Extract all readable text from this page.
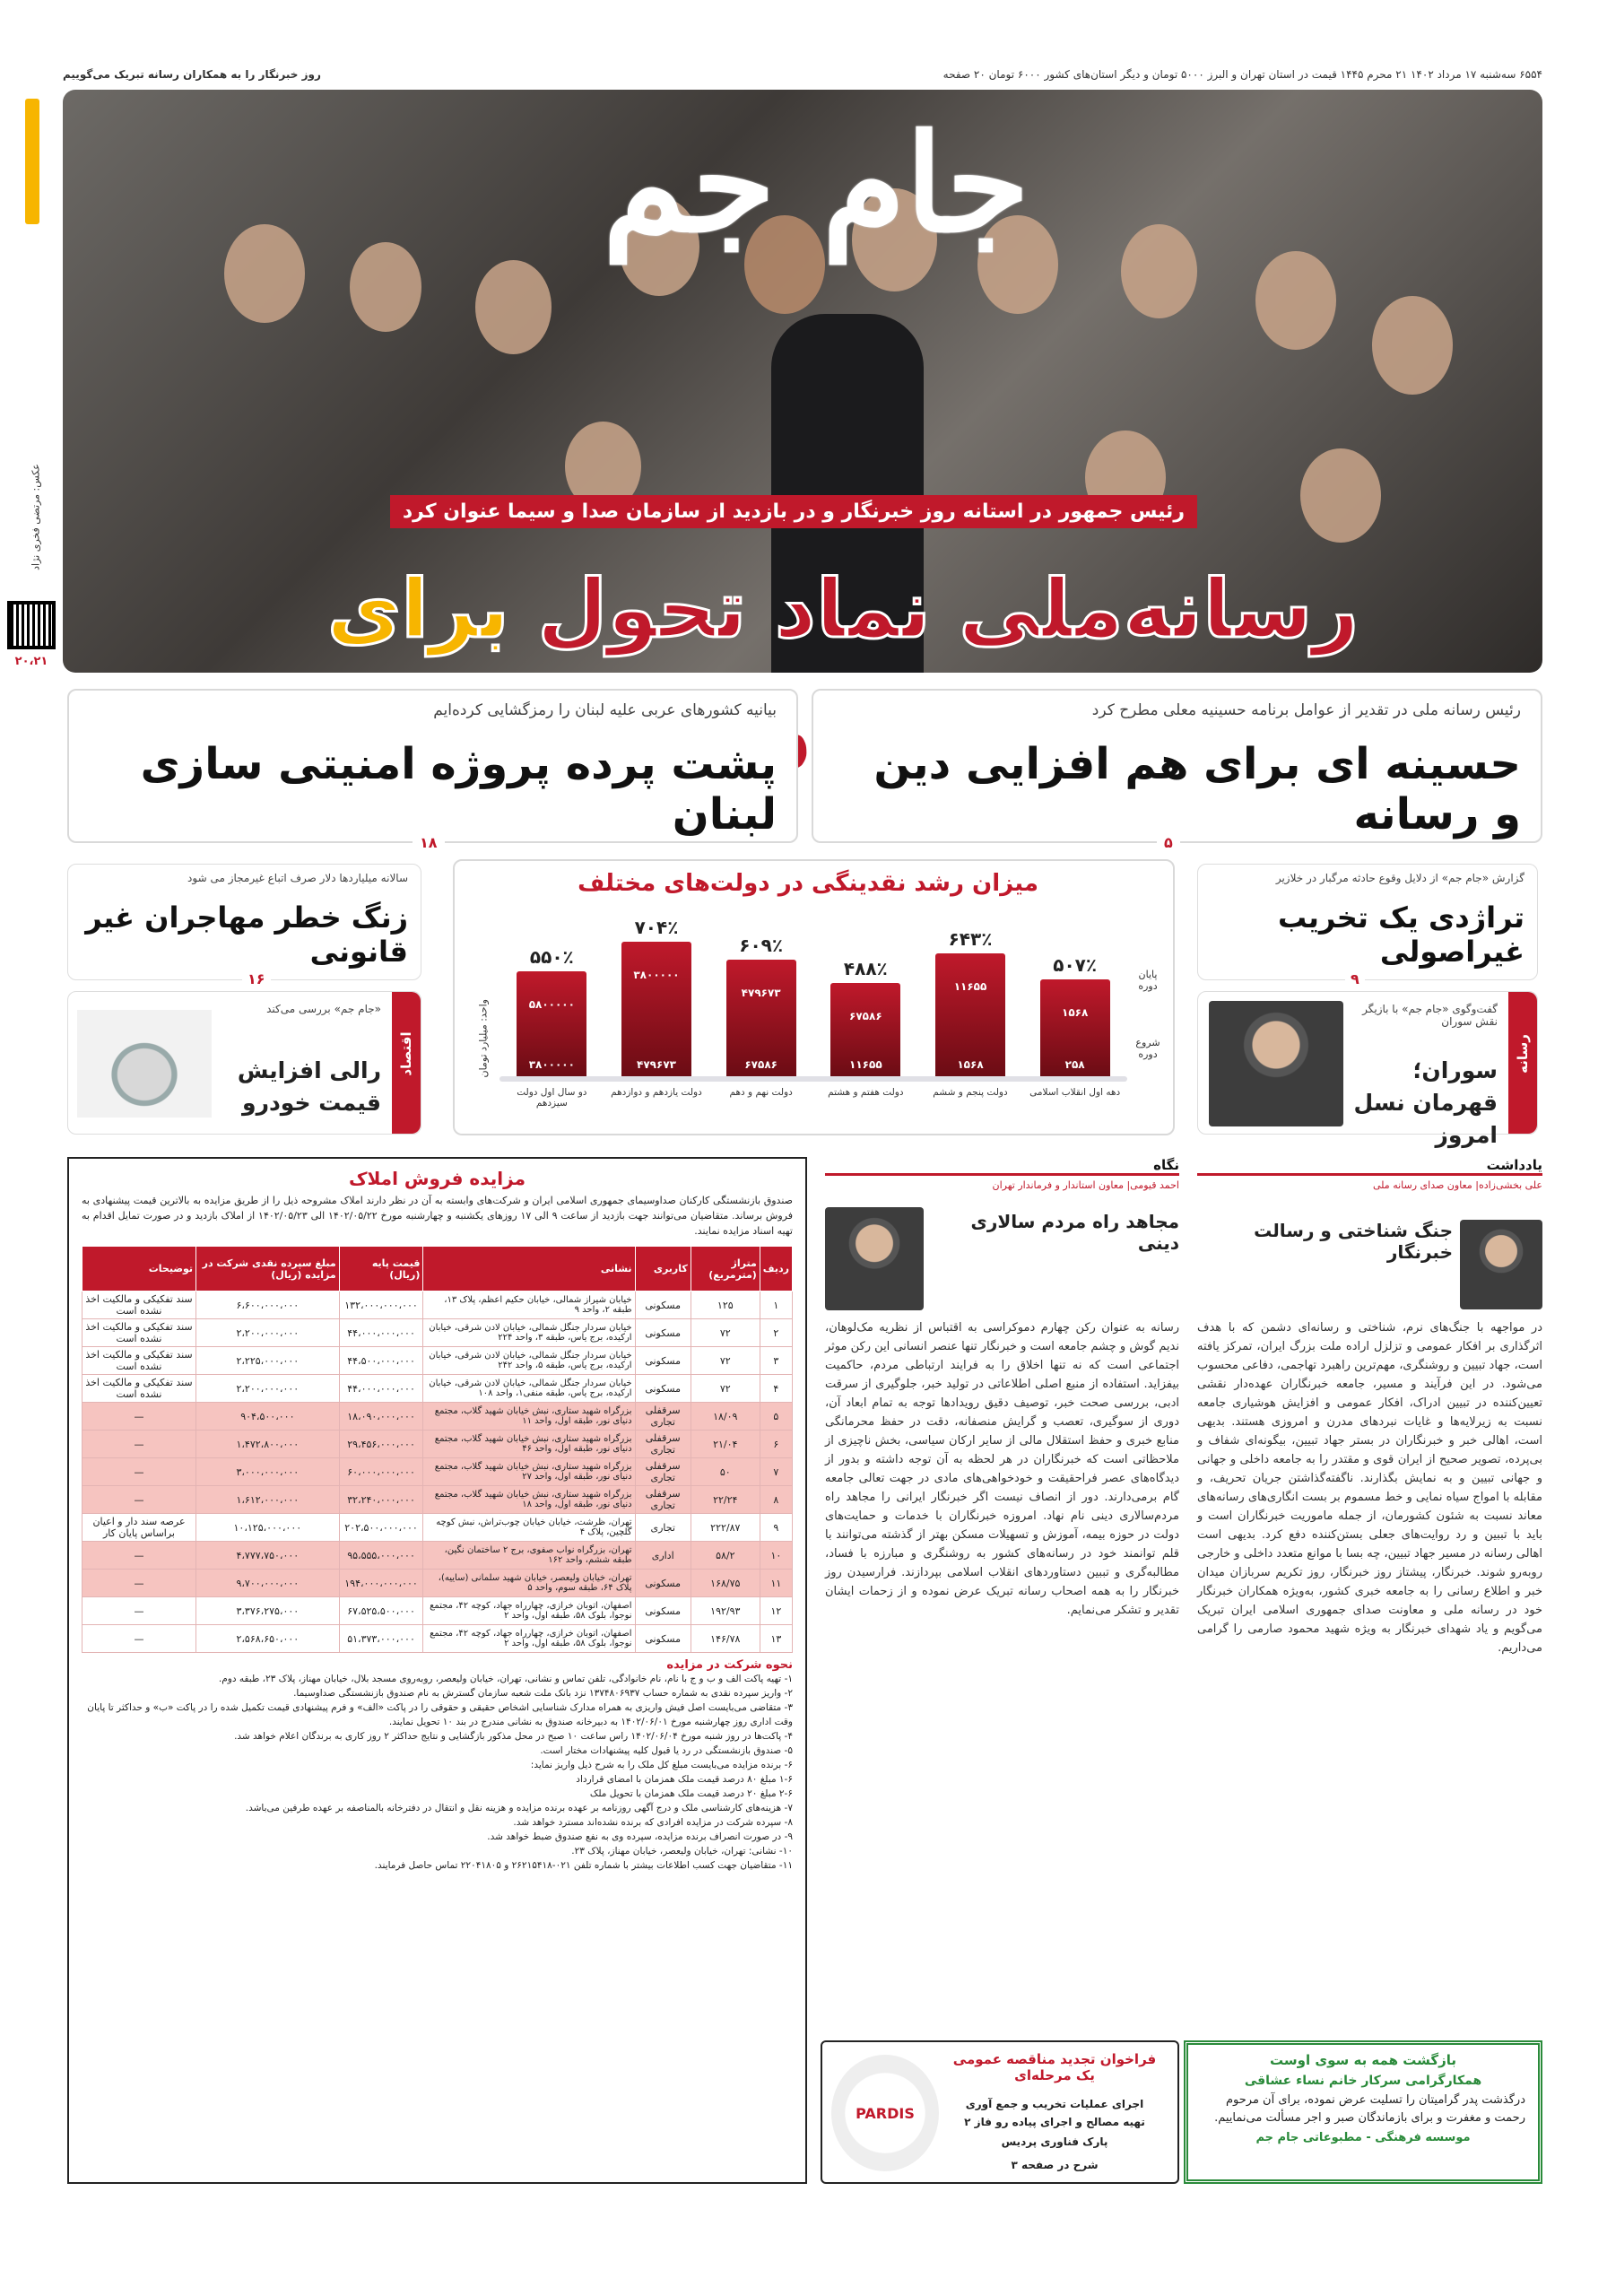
۶۵۵۴ سه‌شنبه ۱۷ مرداد ۱۴۰۲ ۲۱ محرم ۱۴۴۵ قیمت در استان تهران و البرز ۵۰۰۰ تومان و دیگر استان‌های کشور ۶۰۰۰ تومان ۲۰ صفحه
روز خبرنگار را به همکاران رسانه تبریک می‌گوییم
عکس: مرتضی فخری نژاد
۲۰،۲۱
جام جم
رئیس جمهور در استانه روز خبرنگار و در بازدید از سازمان صدا و سیما عنوان کرد
رسانه‌ملی نماد تحول برای
رئیس رسانه ملی در تقدیر از عوامل برنامه حسینیه معلی مطرح کرد
حسینه ای برای هم افزایی دین و رسانه
۵
بیانیه کشورهای عربی علیه لبنان را رمزگشایی کرده‌ایم
پشت پرده پروژه امنیتی سازی لبنان
۱۸
گزارش «جام جم» از دلایل وقوع حادثه مرگبار در خلازیر
تراژدی یک تخریب غیراصولی
۹
سالانه میلیاردها دلار صرف اتباع غیرمجاز می‌ شود
زنگ خطر مهاجران غیر قانونی
۱۶
میزان رشد نقدینگی در دولت‌های مختلف
واحد: میلیارد تومان
پایان دوره
شروع دوره
۱۵۶۸
۲۵۸
۵۰۷٪
۱۱۶۵۵
۱۵۶۸
۶۴۳٪
۶۷۵۸۶
۱۱۶۵۵
۴۸۸٪
۴۷۹۶۷۳
۶۷۵۸۶
۶۰۹٪
۳۸۰۰۰۰۰
۴۷۹۶۷۳
۷۰۴٪
۵۸۰۰۰۰۰
۳۸۰۰۰۰۰
۵۵۰٪
دهه اول انقلاب اسلامی
دولت پنجم و ششم
دولت هفتم و هشتم
دولت نهم و دهم
دولت یازدهم و دوازدهم
دو سال اول دولت سیزدهم
رسانه
گفت‌وگوی «جام جم» با بازیگر نقش سوران
سوران؛ قهرمان نسل امروز
اقتصاد
«جام جم» بررسی می‌کند
رالی افزایش قیمت خودرو
یادداشت
علی بخشی‌زاده| معاون صدای رسانه ملی
جنگ شناختی و رسالت خبرنگار
در مواجهه با جنگ‌های نرم، شناختی و رسانه‌ای دشمن که با هدف اثرگذاری بر افکار عمومی و تزلزل اراده ملت بزرگ ایران، تمرکز یافته است، جهاد تبیین و روشنگری، مهم‌ترین راهبرد تهاجمی، دفاعی محسوب می‌شود. در این فرآیند و مسیر، جامعه خبرنگاران عهده‌دار نقشی تعیین‌کننده در تبیین ادراک، افکار عمومی و افزایش هوشیاری جامعه نسبت به زیرلایه‌ها و غایات نبردهای مدرن و امروزی هستند. بدیهی است، اهالی خبر و خبرنگاران در بستر جهاد تبیین، بیگونه‌ای شفاف و بی‌پرده، تصویر صحیح از ایران قوی و مقتدر را به جامعه داخلی و جهانی و جهانی تبیین و به نمایش بگذارند. ناگفته‌گذاشتن جریان تحریف، و مقابله با امواج سیاه نمایی و خط مسموم بر بست انگاری‌های رسانه‌های معاند نسبت به شئون کشورمان، از جمله ماموریت خبرنگاران است و باید با تببین و رد روایت‌های جعلی بستن‌کننده دفع کرد. بدیهی است اهالی رسانه در مسیر جهاد تبیین، چه بسا با موانع متعدد داخلی و خارجی روبه‌رو شوند. خبرنگار، پیشتاز روز خبرنگار، روز تکریم سربازان میدان خبر و اطلاع رسانی را به جامعه خبری کشور، به‌ویژه همکاران خبرنگار خود در رسانه ملی و معاونت صدای جمهوری اسلامی ایران تبریک می‌گویم و یاد شهدای خبرنگار به ویژه شهید محمود صارمی را گرامی می‌داریم.
نگاه
احمد قیومی| معاون استاندار و فرماندار تهران
مجاهد راه مردم سالاری دینی
رسانه به عنوان رکن چهارم دموکراسی به اقتباس از نظریه مک‌لوهان، ندیم گوش و چشم جامعه است و خبرنگار تنها عنصر انسانی این رکن موثر اجتماعی است که نه تنها اخلاق را به فرایند ارتباطی مردم، حاکمیت بیفزاید. استفاده از منبع اصلی اطلاعاتی در تولید خبر، جلوگیری از سرقت ادبی، بررسی صحت خبر، توصیف دقیق رویدادها توجه به تمام ابعاد آن، دوری از سوگیری، تعصب و گرایش منصفانه، دقت در حفظ محرمانگی منابع خبری و حفظ استقلال مالی از سایر ارکان سیاسی، بخش ناچیزی از ملاحظاتی است که خبرنگاران در هر لحظه به آن توجه داشته و بدور از دیدگاه‌های عصر فراحقیقت و خودخواهی‌های مادی در جهت تعالی جامعه گام برمی‌دارند. دور از انصاف نیست اگر خبرنگار ایرانی را مجاهد راه مردم‌سالاری دینی نام نهاد. امروزه خبرنگاران با خدمات و حمایت‌های دولت در حوزه بیمه، آموزش و تسهیلات مسکن بهتر از گذشته می‌توانند با قلم توانمند خود در رسانه‌های کشور به روشنگری و مبارزه با فساد، مطالبه‌گری و تببین دستاوردهای انقلاب اسلامی بپردازند. فرارسیدن روز خبرنگار را به همه اصحاب رسانه تبریک عرض نموده و از زحمات ایشان تقدیر و تشکر می‌نمایم.
مزایده فروش املاک
صندوق بازنشستگی کارکنان صداوسیمای جمهوری اسلامی ایران و شرکت‌های وابسته به آن در نظر دارند املاک مشروحه ذیل را از طریق مزایده به بالاترین قیمت پیشنهادی به فروش برساند. متقاضیان می‌توانند جهت بازدید از ساعت ۹ الی ۱۷ روزهای یکشنبه و چهارشنبه مورخ ۱۴۰۲/۰۵/۲۲ الی ۱۴۰۲/۰۵/۲۳ از املاک بازدید و در صورت تمایل اقدام به تهیه اسناد مزایده نمایند.
ردیف	متراژ (مترمربع)	کاربری	نشانی	قیمت پایه (ریال)	مبلغ سپرده نقدی شرکت در مزایده (ریال)	توضیحات
۱	۱۲۵	مسکونی	خیابان شیراز شمالی، خیابان حکیم اعظم، پلاک ۱۳، طبقه ۲، واحد ۹	۱۳۲،۰۰۰،۰۰۰،۰۰۰	۶،۶۰۰،۰۰۰،۰۰۰	سند تفکیکی و مالکیت اخذ نشده است
۲	۷۲	مسکونی	خیابان سردار جنگل شمالی، خیابان لادن شرقی، خیابان ارکیده، برج یاس، طبقه ۳، واحد ۲۲۴	۴۴،۰۰۰،۰۰۰،۰۰۰	۲،۲۰۰،۰۰۰،۰۰۰	سند تفکیکی و مالکیت اخذ نشده است
۳	۷۲	مسکونی	خیابان سردار جنگل شمالی، خیابان لادن شرقی، خیابان ارکیده، برج یاس، طبقه ۵، واحد ۲۴۲	۴۴،۵۰۰،۰۰۰،۰۰۰	۲،۲۲۵،۰۰۰،۰۰۰	سند تفکیکی و مالکیت اخذ نشده است
۴	۷۲	مسکونی	خیابان سردار جنگل شمالی، خیابان لادن شرقی، خیابان ارکیده، برج یاس، طبقه منفی۱، واحد ۱۰۸	۴۴،۰۰۰،۰۰۰،۰۰۰	۲،۲۰۰،۰۰۰،۰۰۰	سند تفکیکی و مالکیت اخذ نشده است
۵	۱۸/۰۹	سرقفلی تجاری	بزرگراه شهید ستاری، نبش خیابان شهید گلاب، مجتمع دنیای نور، طبقه اول، واحد ۱۱	۱۸،۰۹۰،۰۰۰،۰۰۰	۹۰۴،۵۰۰،۰۰۰	—
۶	۲۱/۰۴	سرقفلی تجاری	بزرگراه شهید ستاری، نبش خیابان شهید گلاب، مجتمع دنیای نور، طبقه اول، واحد ۴۶	۲۹،۴۵۶،۰۰۰،۰۰۰	۱،۴۷۲،۸۰۰،۰۰۰	—
۷	۵۰	سرقفلی تجاری	بزرگراه شهید ستاری، نبش خیابان شهید گلاب، مجتمع دنیای نور، طبقه اول، واحد ۲۷	۶۰،۰۰۰،۰۰۰،۰۰۰	۳،۰۰۰،۰۰۰،۰۰۰	—
۸	۲۲/۲۴	سرقفلی تجاری	بزرگراه شهید ستاری، نبش خیابان شهید گلاب، مجتمع دنیای نور، طبقه اول، واحد ۱۸	۳۲،۲۴۰،۰۰۰،۰۰۰	۱،۶۱۲،۰۰۰،۰۰۰	—
۹	۲۲۲/۸۷	تجاری	تهران، ظرشت، خیابان خیابان چوب‌تراش، نبش کوچه گلچین، پلاک ۴	۲۰۲،۵۰۰،۰۰۰،۰۰۰	۱۰،۱۲۵،۰۰۰،۰۰۰	عرصه سند دار و اعیان براساس پایان کار
۱۰	۵۸/۲	اداری	تهران، بزرگراه نواب صفوی، برج ۲ ساختمان نگین، طبقه ششم، واحد ۱۶۲	۹۵،۵۵۵،۰۰۰،۰۰۰	۴،۷۷۷،۷۵۰،۰۰۰	—
۱۱	۱۶۸/۷۵	مسکونی	تهران، خیابان ولیعصر، خیابان شهید سلمانی (ساییه)، پلاک ۶۴، طبقه سوم، واحد ۵	۱۹۴،۰۰۰،۰۰۰،۰۰۰	۹،۷۰۰،۰۰۰،۰۰۰	—
۱۲	۱۹۲/۹۳	مسکونی	اصفهان، اتوبان خرازی، چهارراه جهاد، کوچه ۴۲، مجتمع نوجوا، بلوک ۵۸، طبقه اول، واحد ۲	۶۷،۵۲۵،۵۰۰،۰۰۰	۳،۳۷۶،۲۷۵،۰۰۰	—
۱۳	۱۴۶/۷۸	مسکونی	اصفهان، اتوبان خرازی، چهارراه جهاد، کوچه ۴۲، مجتمع نوجوا، بلوک ۵۸، طبقه اول، واحد ۲	۵۱،۳۷۳،۰۰۰،۰۰۰	۲،۵۶۸،۶۵۰،۰۰۰	—
نحوه شرکت در مزایده
۱- تهیه پاکت الف و ب و ج با نام، نام خانوادگی، تلفن تماس و نشانی، تهران، خیابان ولیعصر، روبه‌روی مسجد بلال، خیابان مهناز، پلاک ۲۳، طبقه دوم.
۲- واریز سپرده نقدی به شماره حساب ۱۳۷۴۸۰۶۹۳۷ نزد بانک ملت شعبه سازمان گسترش به نام صندوق بازنشستگی صداوسیما.
۳- متقاضی می‌بایست اصل فیش واریزی به همراه مدارک شناسایی اشخاص حقیقی و حقوقی را در پاکت «الف» و فرم پیشنهادی قیمت تکمیل شده را در پاکت «ب» و حداکثر تا پایان وقت اداری روز چهارشنبه مورخ ۱۴۰۲/۰۶/۰۱ به دبیرخانه صندوق به نشانی مندرج در بند ۱۰ تحویل نمایند.
۴- پاکت‌ها در روز شنبه مورخ ۱۴۰۲/۰۶/۰۴ راس ساعت ۱۰ صبح در محل مذکور بازگشایی و نتایج حداکثر ۲ روز کاری به برندگان اعلام خواهد شد.
۵- صندوق بازنشستگی در رد یا قبول کلیه پیشنهادات مختار است.
۶- برنده مزایده می‌بایست مبلغ کل ملک را به شرح ذیل واریز نماید:
۱-۶ مبلغ ۸۰ درصد قیمت ملک همزمان با امضای قرارداد
۲-۶ مبلغ ۲۰ درصد قیمت ملک همزمان با تحویل ملک
۷- هزینه‌های کارشناسی ملک و درج آگهی روزنامه بر عهده برنده مزایده و هزینه نقل و انتقال در دفترخانه بالمناصفه بر عهده طرفین می‌باشد.
۸- سپرده شرکت در مزایده افرادی که برنده نشده‌اند مسترد خواهد شد.
۹- در صورت انصراف برنده مزایده، سپرده وی به نفع صندوق ضبط خواهد شد.
۱۰- نشانی: تهران، خیابان ولیعصر، خیابان مهناز، پلاک ۲۳.
۱۱- متقاضیان جهت کسب اطلاعات بیشتر با شماره تلفن ۰۲۱-۲۶۲۱۵۴۱۸ و ۲۲۰۴۱۸۰۵ تماس حاصل فرمایند.
PARDIS
فراخوان تجدید مناقصه عمومی یک مرحله‌ای
اجرای عملیات تخریب و جمع آوری
تهیه مصالح و اجرای پیاده رو فاز ۲
پارک فناوری پردیس
شرح در صفحه ۳
بازگشت همه به سوی اوست
همکارگرامی سرکار خانم نساء عشاقی
درگذشت پدر گرامیتان را تسلیت عرض نموده، برای آن مرحوم رحمت و مغفرت و برای بازماندگان صبر و اجر مسألت می‌نماییم.
موسسه فرهنگی - مطبوعاتی جام جم
